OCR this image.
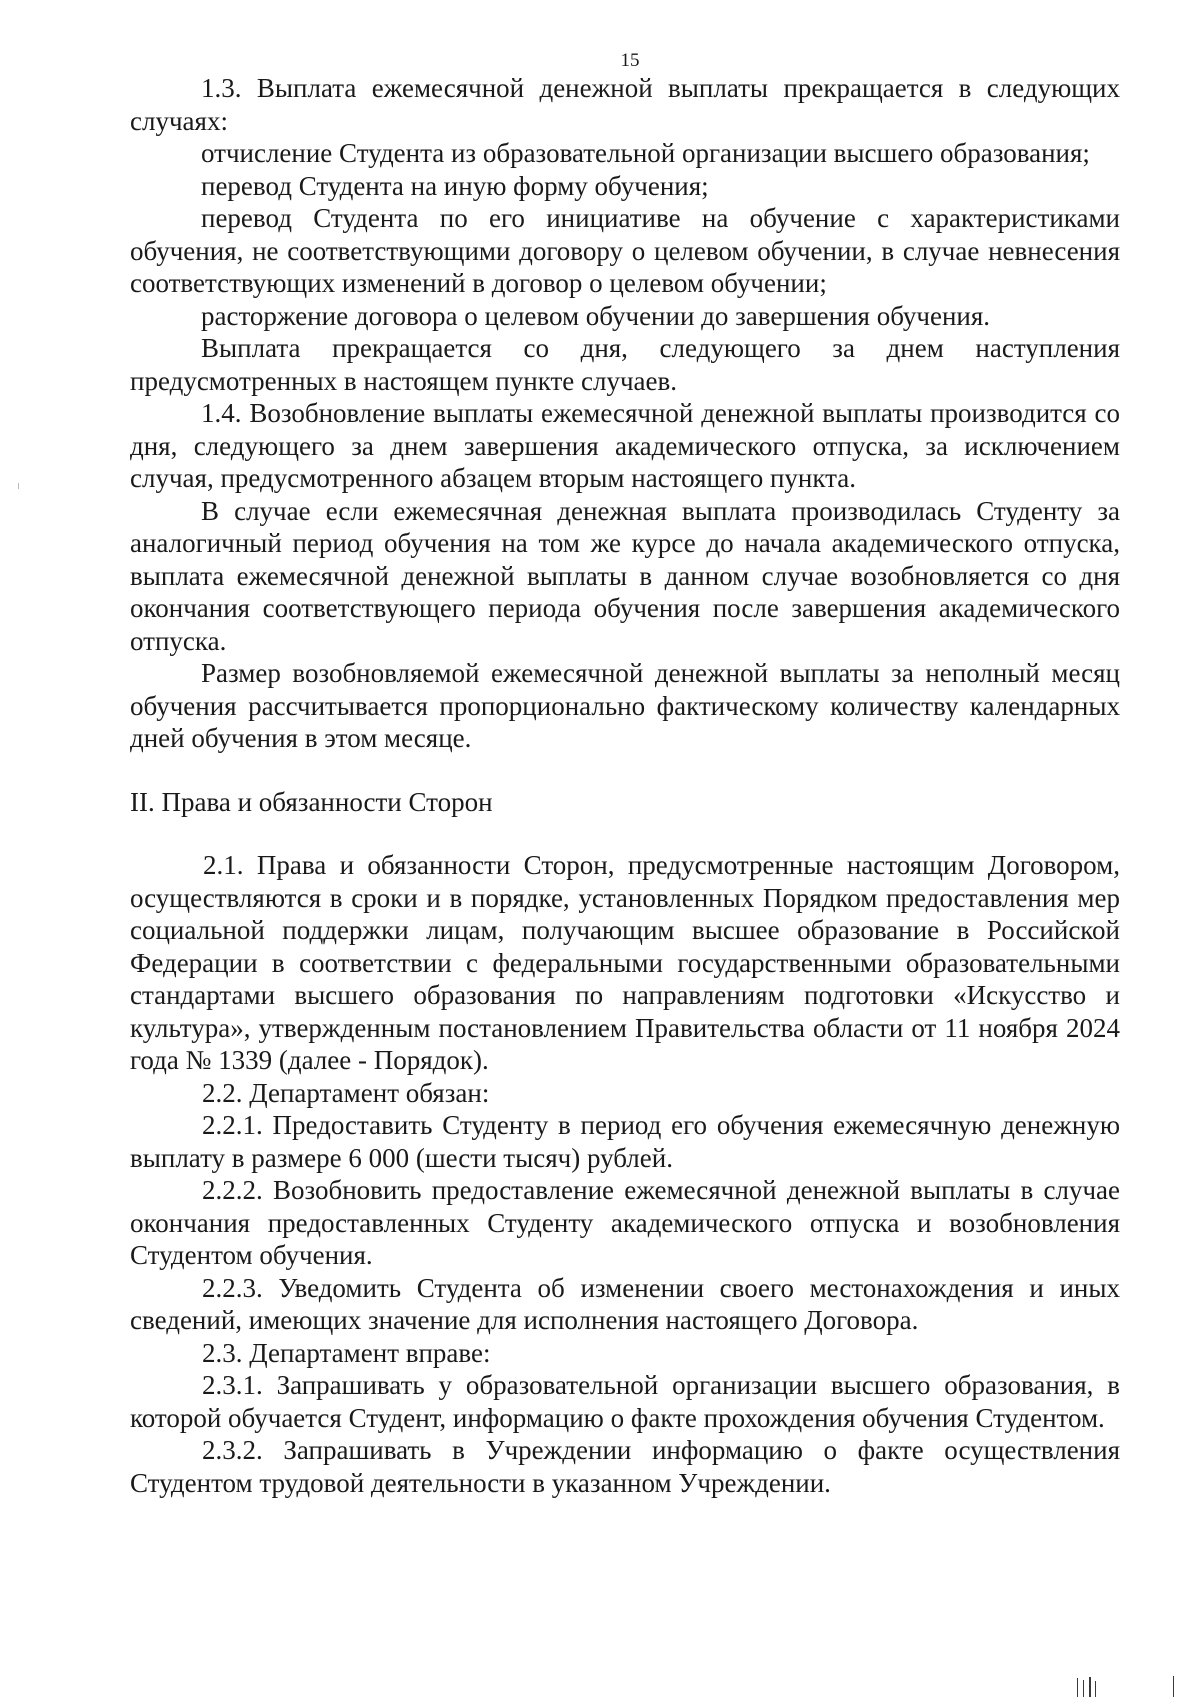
15

1.3. Выплата ежемесячной денежной выплаты прекращается в следующих случаях:

отчисление Студента из образовательной организации высшего образования;

перевод Студента на иную форму обучения;

перевод Студента по его инициативе на обучение с характеристиками обучения, не соответствующими договору о целевом обучении, в случае невнесения соответствующих изменений в договор о целевом обучении;

расторжение договора о целевом обучении до завершения обучения.

Выплата прекращается со дня, следующего за днем наступления предусмотренных в настоящем пункте случаев.

1.4. Возобновление выплаты ежемесячной денежной выплаты производится со дня, следующего за днем завершения академического отпуска, за исключением случая, предусмотренного абзацем вторым настоящего пункта.

В случае если ежемесячная денежная выплата производилась Студенту за аналогичный период обучения на том же курсе до начала академического отпуска, выплата ежемесячной денежной выплаты в данном случае возобновляется со дня окончания соответствующего периода обучения после завершения академического отпуска.

Размер возобновляемой ежемесячной денежной выплаты за неполный месяц обучения рассчитывается пропорционально фактическому количеству календарных дней обучения в этом месяце.

II. Права и обязанности Сторон

2.1. Права и обязанности Сторон, предусмотренные настоящим Договором, осуществляются в сроки и в порядке, установленных Порядком предоставления мер социальной поддержки лицам, получающим высшее образование в Российской Федерации в соответствии с федеральными государственными образовательными стандартами высшего образования по направлениям подготовки «Искусство и культура», утвержденным постановлением Правительства области от 11 ноября 2024 года № 1339 (далее - Порядок).

2.2. Департамент обязан:

2.2.1. Предоставить Студенту в период его обучения ежемесячную денежную выплату в размере 6 000 (шести тысяч) рублей.

2.2.2. Возобновить предоставление ежемесячной денежной выплаты в случае окончания предоставленных Студенту академического отпуска и возобновления Студентом обучения.

2.2.3. Уведомить Студента об изменении своего местонахождения и иных сведений, имеющих значение для исполнения настоящего Договора.

2.3. Департамент вправе:

2.3.1. Запрашивать у образовательной организации высшего образования, в которой обучается Студент, информацию о факте прохождения обучения Студентом.

2.3.2. Запрашивать в Учреждении информацию о факте осуществления Студентом трудовой деятельности в указанном Учреждении.
